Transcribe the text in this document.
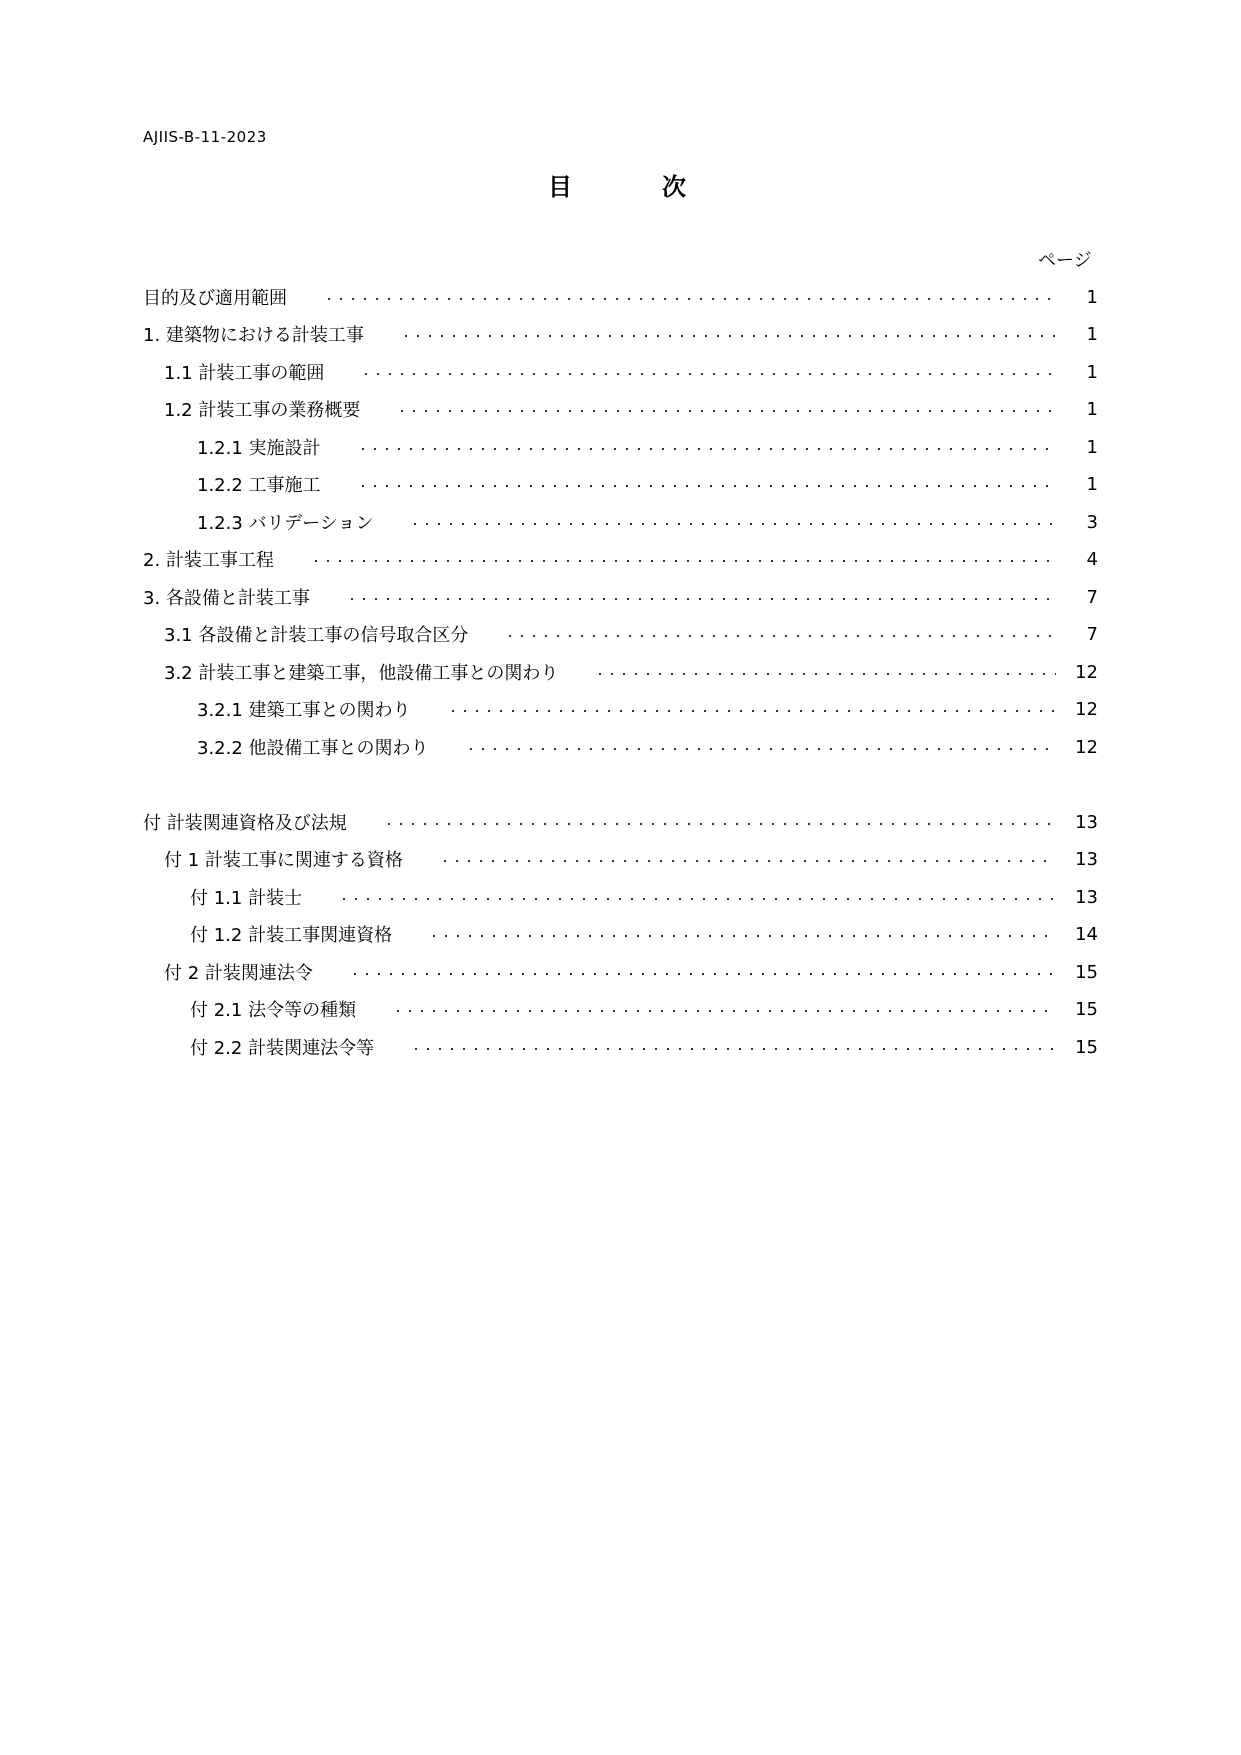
AJIIS-B-11-2023
目	次
ページ
目的及び適用範囲	1
1. 建築物における計装工事	1
1.1 計装工事の範囲	1
1.2 計装工事の業務概要	1
1.2.1 実施設計	1
1.2.2 工事施工	1
1.2.3 バリデーション	3
2. 計装工事工程	4
3. 各設備と計装工事	7
3.1 各設備と計装工事の信号取合区分	7
3.2 計装工事と建築工事，他設備工事との関わり	12
3.2.1 建築工事との関わり	12
3.2.2 他設備工事との関わり	12
付 計装関連資格及び法規	13
付 1 計装工事に関連する資格	13
付 1.1 計装士	13
付 1.2 計装工事関連資格	14
付 2 計装関連法令	15
付 2.1 法令等の種類	15
付 2.2 計装関連法令等	15
